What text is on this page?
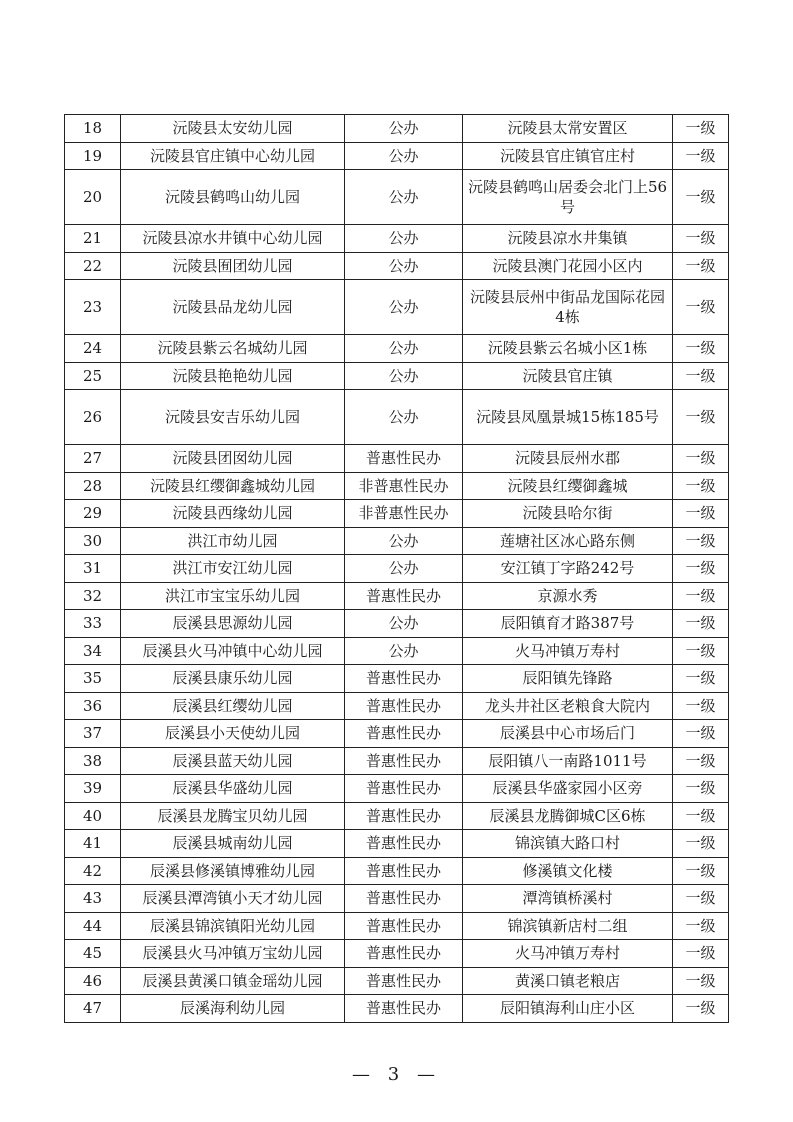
18	沅陵县太安幼儿园	公办	沅陵县太常安置区	一级
19	沅陵县官庄镇中心幼儿园	公办	沅陵县官庄镇官庄村	一级
20	沅陵县鹤鸣山幼儿园	公办	沅陵县鹤鸣山居委会北门上56号	一级
21	沅陵县凉水井镇中心幼儿园	公办	沅陵县凉水井集镇	一级
22	沅陵县囿团幼儿园	公办	沅陵县澳门花园小区内	一级
23	沅陵县品龙幼儿园	公办	沅陵县辰州中街品龙国际花园4栋	一级
24	沅陵县紫云名城幼儿园	公办	沅陵县紫云名城小区1栋	一级
25	沅陵县艳艳幼儿园	公办	沅陵县官庄镇	一级
26	沅陵县安吉乐幼儿园	公办	沅陵县凤凰景城15栋185号	一级
27	沅陵县团囡幼儿园	普惠性民办	沅陵县辰州水郡	一级
28	沅陵县红缨御鑫城幼儿园	非普惠性民办	沅陵县红缨御鑫城	一级
29	沅陵县西缘幼儿园	非普惠性民办	沅陵县哈尔街	一级
30	洪江市幼儿园	公办	莲塘社区冰心路东侧	一级
31	洪江市安江幼儿园	公办	安江镇丁字路242号	一级
32	洪江市宝宝乐幼儿园	普惠性民办	京源水秀	一级
33	辰溪县思源幼儿园	公办	辰阳镇育才路387号	一级
34	辰溪县火马冲镇中心幼儿园	公办	火马冲镇万寿村	一级
35	辰溪县康乐幼儿园	普惠性民办	辰阳镇先锋路	一级
36	辰溪县红缨幼儿园	普惠性民办	龙头井社区老粮食大院内	一级
37	辰溪县小天使幼儿园	普惠性民办	辰溪县中心市场后门	一级
38	辰溪县蓝天幼儿园	普惠性民办	辰阳镇八一南路1011号	一级
39	辰溪县华盛幼儿园	普惠性民办	辰溪县华盛家园小区旁	一级
40	辰溪县龙腾宝贝幼儿园	普惠性民办	辰溪县龙腾御城C区6栋	一级
41	辰溪县城南幼儿园	普惠性民办	锦滨镇大路口村	一级
42	辰溪县修溪镇博雅幼儿园	普惠性民办	修溪镇文化楼	一级
43	辰溪县潭湾镇小天才幼儿园	普惠性民办	潭湾镇桥溪村	一级
44	辰溪县锦滨镇阳光幼儿园	普惠性民办	锦滨镇新店村二组	一级
45	辰溪县火马冲镇万宝幼儿园	普惠性民办	火马冲镇万寿村	一级
46	辰溪县黄溪口镇金瑶幼儿园	普惠性民办	黄溪口镇老粮店	一级
47	辰溪海利幼儿园	普惠性民办	辰阳镇海利山庄小区	一级
— 3 —
